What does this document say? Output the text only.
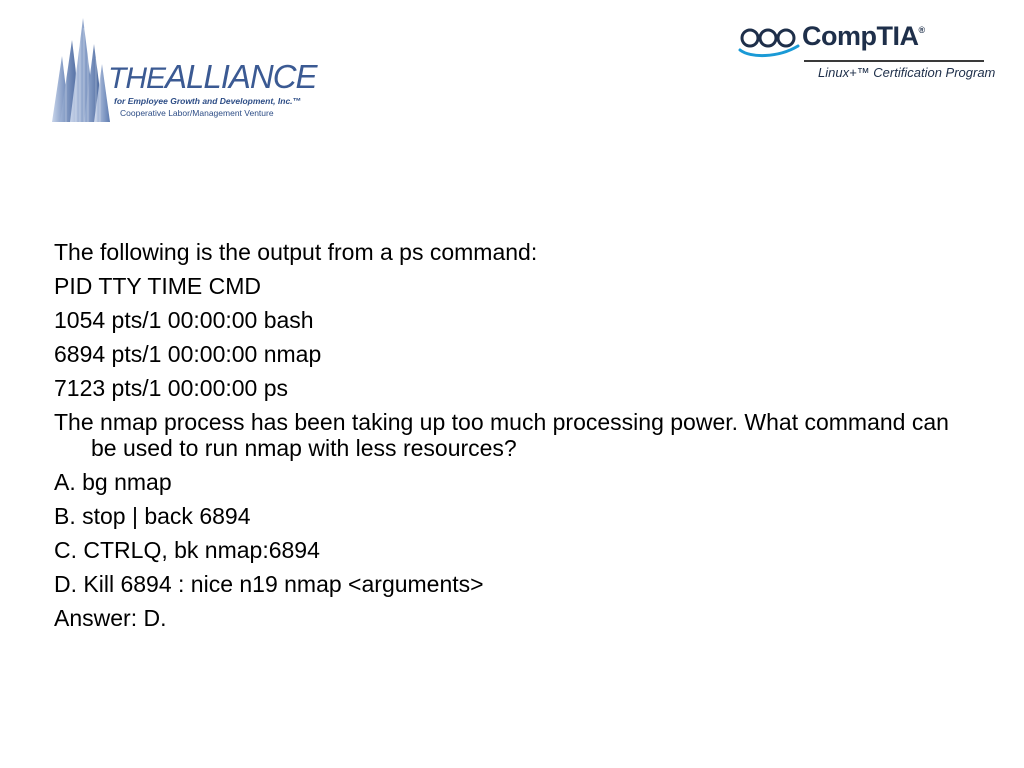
THEALLIANCE
for Employee Growth and Development, Inc.™
Cooperative Labor/Management Venture
CompTIA®
Linux+™ Certification Program

The following is the output from a ps command:

PID TTY TIME CMD

1054 pts/1 00:00:00 bash

6894 pts/1 00:00:00 nmap

7123 pts/1 00:00:00 ps

The nmap process has been taking up too much processing power. What command can be used to run nmap with less resources?

A. bg nmap

B. stop | back 6894

C. CTRLQ, bk nmap:6894

D. Kill 6894 : nice n19 nmap <arguments>

Answer: D.
